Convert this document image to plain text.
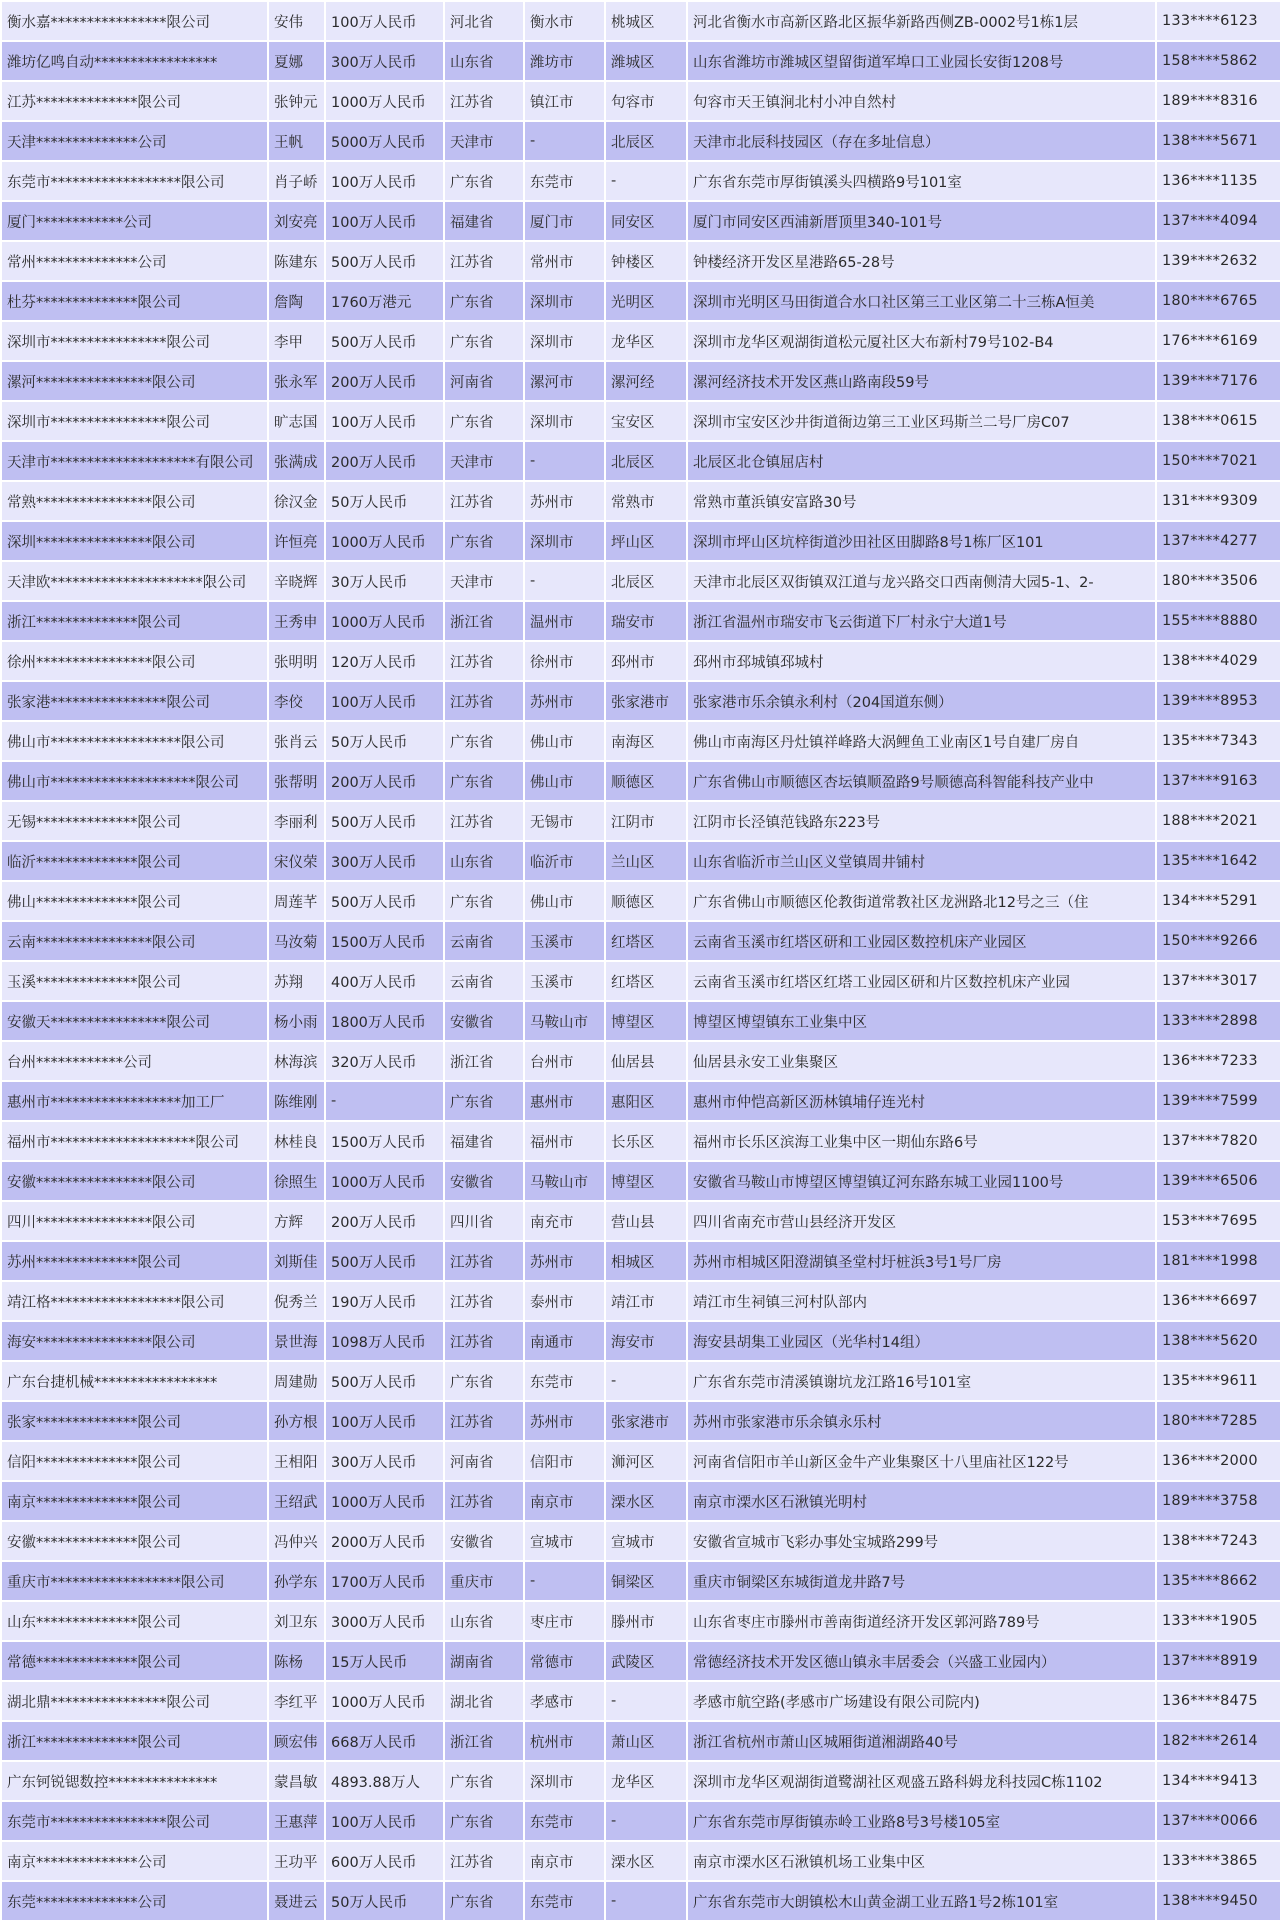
衡水嘉****************限公司	安伟	100万人民币	河北省	衡水市	桃城区	河北省衡水市高新区路北区振华新路西侧ZB-0002号1栋1层	133****6123
潍坊亿鸣自动*****************	夏娜	300万人民币	山东省	潍坊市	潍城区	山东省潍坊市潍城区望留街道军埠口工业园长安街1208号	158****5862
江苏**************限公司	张钟元	1000万人民币	江苏省	镇江市	句容市	句容市天王镇涧北村小冲自然村	189****8316
天津**************公司	王帆	5000万人民币	天津市	-	北辰区	天津市北辰科技园区（存在多址信息）	138****5671
东莞市******************限公司	肖子峤	100万人民币	广东省	东莞市	-	广东省东莞市厚街镇溪头四横路9号101室	136****1135
厦门************公司	刘安亮	100万人民币	福建省	厦门市	同安区	厦门市同安区西浦新厝顶里340-101号	137****4094
常州**************公司	陈建东	500万人民币	江苏省	常州市	钟楼区	钟楼经济开发区星港路65-28号	139****2632
杜芬**************限公司	詹陶	1760万港元	广东省	深圳市	光明区	深圳市光明区马田街道合水口社区第三工业区第二十三栋A恒美	180****6765
深圳市****************限公司	李甲	500万人民币	广东省	深圳市	龙华区	深圳市龙华区观湖街道松元厦社区大布新村79号102-B4	176****6169
漯河****************限公司	张永军	200万人民币	河南省	漯河市	漯河经	漯河经济技术开发区燕山路南段59号	139****7176
深圳市****************限公司	旷志国	100万人民币	广东省	深圳市	宝安区	深圳市宝安区沙井街道衙边第三工业区玛斯兰二号厂房C07	138****0615
天津市********************有限公司	张满成	200万人民币	天津市	-	北辰区	北辰区北仓镇屈店村	150****7021
常熟****************限公司	徐汉金	50万人民币	江苏省	苏州市	常熟市	常熟市董浜镇安富路30号	131****9309
深圳****************限公司	许恒亮	1000万人民币	广东省	深圳市	坪山区	深圳市坪山区坑梓街道沙田社区田脚路8号1栋厂区101	137****4277
天津欧*********************限公司	辛晓辉	30万人民币	天津市	-	北辰区	天津市北辰区双街镇双江道与龙兴路交口西南侧清大园5-1、2-	180****3506
浙江**************限公司	王秀申	1000万人民币	浙江省	温州市	瑞安市	浙江省温州市瑞安市飞云街道下厂村永宁大道1号	155****8880
徐州****************限公司	张明明	120万人民币	江苏省	徐州市	邳州市	邳州市邳城镇邳城村	138****4029
张家港****************限公司	李佼	100万人民币	江苏省	苏州市	张家港市	张家港市乐余镇永利村（204国道东侧）	139****8953
佛山市******************限公司	张肖云	50万人民币	广东省	佛山市	南海区	佛山市南海区丹灶镇祥峰路大涡鲤鱼工业南区1号自建厂房自	135****7343
佛山市********************限公司	张帮明	200万人民币	广东省	佛山市	顺德区	广东省佛山市顺德区杏坛镇顺盈路9号顺德高科智能科技产业中	137****9163
无锡**************限公司	李丽利	500万人民币	江苏省	无锡市	江阴市	江阴市长泾镇范钱路东223号	188****2021
临沂**************限公司	宋仪荣	300万人民币	山东省	临沂市	兰山区	山东省临沂市兰山区义堂镇周井铺村	135****1642
佛山**************限公司	周莲芊	500万人民币	广东省	佛山市	顺德区	广东省佛山市顺德区伦教街道常教社区龙洲路北12号之三（住	134****5291
云南****************限公司	马汝菊	1500万人民币	云南省	玉溪市	红塔区	云南省玉溪市红塔区研和工业园区数控机床产业园区	150****9266
玉溪**************限公司	苏翔	400万人民币	云南省	玉溪市	红塔区	云南省玉溪市红塔区红塔工业园区研和片区数控机床产业园	137****3017
安徽天****************限公司	杨小雨	1800万人民币	安徽省	马鞍山市	博望区	博望区博望镇东工业集中区	133****2898
台州************公司	林海滨	320万人民币	浙江省	台州市	仙居县	仙居县永安工业集聚区	136****7233
惠州市******************加工厂	陈维刚	-	广东省	惠州市	惠阳区	惠州市仲恺高新区沥林镇埔仔连光村	139****7599
福州市********************限公司	林桂良	1500万人民币	福建省	福州市	长乐区	福州市长乐区滨海工业集中区一期仙东路6号	137****7820
安徽****************限公司	徐照生	1000万人民币	安徽省	马鞍山市	博望区	安徽省马鞍山市博望区博望镇辽河东路东城工业园1100号	139****6506
四川****************限公司	方辉	200万人民币	四川省	南充市	营山县	四川省南充市营山县经济开发区	153****7695
苏州**************限公司	刘斯佳	500万人民币	江苏省	苏州市	相城区	苏州市相城区阳澄湖镇圣堂村圩桩浜3号1号厂房	181****1998
靖江格******************限公司	倪秀兰	190万人民币	江苏省	泰州市	靖江市	靖江市生祠镇三河村队部内	136****6697
海安****************限公司	景世海	1098万人民币	江苏省	南通市	海安市	海安县胡集工业园区（光华村14组）	138****5620
广东台捷机械*****************	周建勋	500万人民币	广东省	东莞市	-	广东省东莞市清溪镇谢坑龙江路16号101室	135****9611
张家**************限公司	孙方根	100万人民币	江苏省	苏州市	张家港市	苏州市张家港市乐余镇永乐村	180****7285
信阳**************限公司	王相阳	300万人民币	河南省	信阳市	浉河区	河南省信阳市羊山新区金牛产业集聚区十八里庙社区122号	136****2000
南京**************限公司	王绍武	1000万人民币	江苏省	南京市	溧水区	南京市溧水区石湫镇光明村	189****3758
安徽**************限公司	冯仲兴	2000万人民币	安徽省	宣城市	宣城市	安徽省宣城市飞彩办事处宝城路299号	138****7243
重庆市******************限公司	孙学东	1700万人民币	重庆市	-	铜梁区	重庆市铜梁区东城街道龙井路7号	135****8662
山东**************限公司	刘卫东	3000万人民币	山东省	枣庄市	滕州市	山东省枣庄市滕州市善南街道经济开发区郭河路789号	133****1905
常德**************限公司	陈杨	15万人民币	湖南省	常德市	武陵区	常德经济技术开发区德山镇永丰居委会（兴盛工业园内）	137****8919
湖北鼎****************限公司	李红平	1000万人民币	湖北省	孝感市	-	孝感市航空路(孝感市广场建设有限公司院内)	136****8475
浙江**************限公司	顾宏伟	668万人民币	浙江省	杭州市	萧山区	浙江省杭州市萧山区城厢街道湘湖路40号	182****2614
广东钶锐锶数控***************	蒙昌敏	4893.88万人	广东省	深圳市	龙华区	深圳市龙华区观湖街道鹭湖社区观盛五路科姆龙科技园C栋1102	134****9413
东莞市****************限公司	王惠萍	100万人民币	广东省	东莞市	-	广东省东莞市厚街镇赤岭工业路8号3号楼105室	137****0066
南京**************公司	王功平	600万人民币	江苏省	南京市	溧水区	南京市溧水区石湫镇机场工业集中区	133****3865
东莞**************公司	聂进云	50万人民币	广东省	东莞市	-	广东省东莞市大朗镇松木山黄金湖工业五路1号2栋101室	138****9450
